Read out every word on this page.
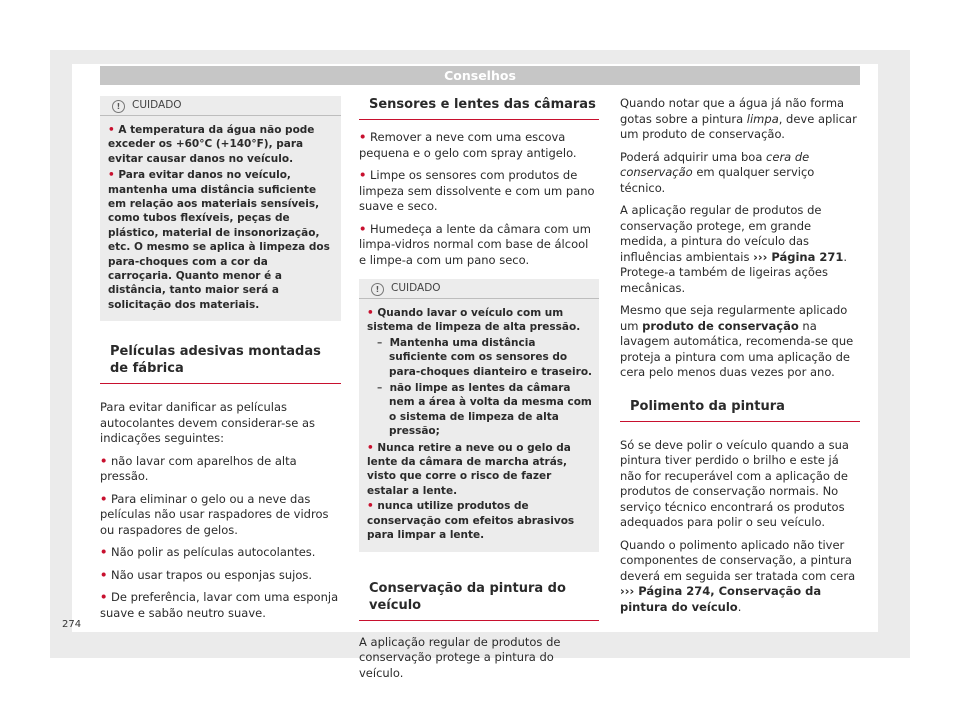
Conselhos
! CUIDADO
• A temperatura da água não pode exceder os +60°C (+140°F), para evitar causar danos no veículo.
• Para evitar danos no veículo, mantenha uma distância suficiente em relação aos materiais sensíveis, como tubos flexíveis, peças de plástico, material de insonorização, etc. O mesmo se aplica à limpeza dos para-choques com a cor da carroçaria. Quanto menor é a distância, tanto maior será a solicitação dos materiais.
Películas adesivas montadas de fábrica

Para evitar danificar as películas autocolantes devem considerar-se as indicações seguintes:

• não lavar com aparelhos de alta pressão.

• Para eliminar o gelo ou a neve das películas não usar raspadores de vidros ou raspadores de gelos.

• Não polir as películas autocolantes.

• Não usar trapos ou esponjas sujos.

• De preferência, lavar com uma esponja suave e sabão neutro suave.

Sensores e lentes das câmaras

• Remover a neve com uma escova pequena e o gelo com spray antigelo.

• Limpe os sensores com produtos de limpeza sem dissolvente e com um pano suave e seco.

• Humedeça a lente da câmara com um limpa-vidros normal com base de álcool e limpe-a com um pano seco.

! CUIDADO
• Quando lavar o veículo com um sistema de limpeza de alta pressão.
– Mantenha uma distância suficiente com os sensores do para-choques dianteiro e traseiro.
– não limpe as lentes da câmara nem a área à volta da mesma com o sistema de limpeza de alta pressão;
• Nunca retire a neve ou o gelo da lente da câmara de marcha atrás, visto que corre o risco de fazer estalar a lente.
• nunca utilize produtos de conservação com efeitos abrasivos para limpar a lente.
Conservação da pintura do veículo

A aplicação regular de produtos de conservação protege a pintura do veículo.

Quando notar que a água já não forma gotas sobre a pintura limpa, deve aplicar um produto de conservação.

Poderá adquirir uma boa cera de conservação em qualquer serviço técnico.

A aplicação regular de produtos de conservação protege, em grande medida, a pintura do veículo das influências ambientais ››› Página 271. Protege-a também de ligeiras ações mecânicas.

Mesmo que seja regularmente aplicado um produto de conservação na lavagem automática, recomenda-se que proteja a pintura com uma aplicação de cera pelo menos duas vezes por ano.

Polimento da pintura

Só se deve polir o veículo quando a sua pintura tiver perdido o brilho e este já não for recuperável com a aplicação de produtos de conservação normais. No serviço técnico encontrará os produtos adequados para polir o seu veículo.

Quando o polimento aplicado não tiver componentes de conservação, a pintura deverá em seguida ser tratada com cera ››› Página 274, Conservação da pintura do veículo.

274
